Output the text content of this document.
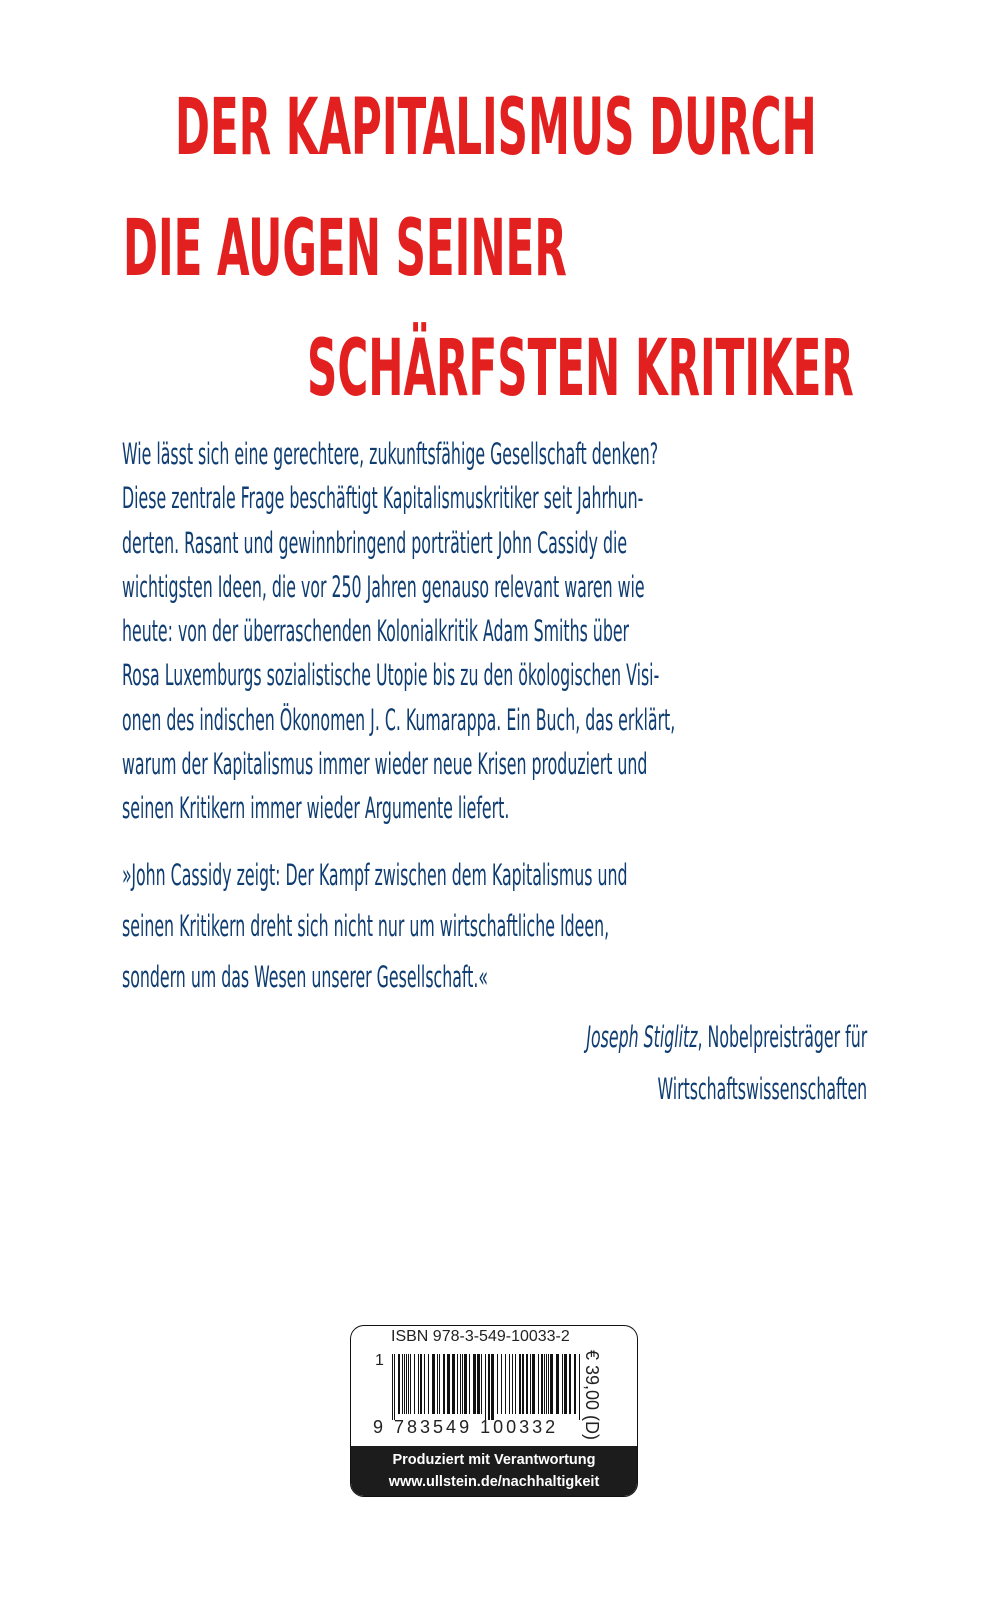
DER KAPITALISMUS DURCH
DIE AUGEN SEINER
SCHÄRFSTEN KRITIKER

Wie lässt sich eine gerechtere, zukunftsfähige Gesellschaft denken?
Diese zentrale Frage beschäftigt Kapitalismuskritiker seit Jahrhun-
derten. Rasant und gewinnbringend porträtiert John Cassidy die
wichtigsten Ideen, die vor 250 Jahren genauso relevant waren wie
heute: von der überraschenden Kolonialkritik Adam Smiths über
Rosa Luxemburgs sozialistische Utopie bis zu den ökologischen Visi-
onen des indischen Ökonomen J. C. Kumarappa. Ein Buch, das erklärt,
warum der Kapitalismus immer wieder neue Krisen produziert und
seinen Kritikern immer wieder Argumente liefert.

»John Cassidy zeigt: Der Kampf zwischen dem Kapitalismus und
seinen Kritikern dreht sich nicht nur um wirtschaftliche Ideen,
sondern um das Wesen unserer Gesellschaft.«

Joseph Stiglitz, Nobelpreisträger für
Wirtschaftswissenschaften

ISBN 978-3-549-10033-2

1

9 783549 100332 € 39,00 (D)
Produziert mit Verantwortung
www.ullstein.de/nachhaltigkeit
